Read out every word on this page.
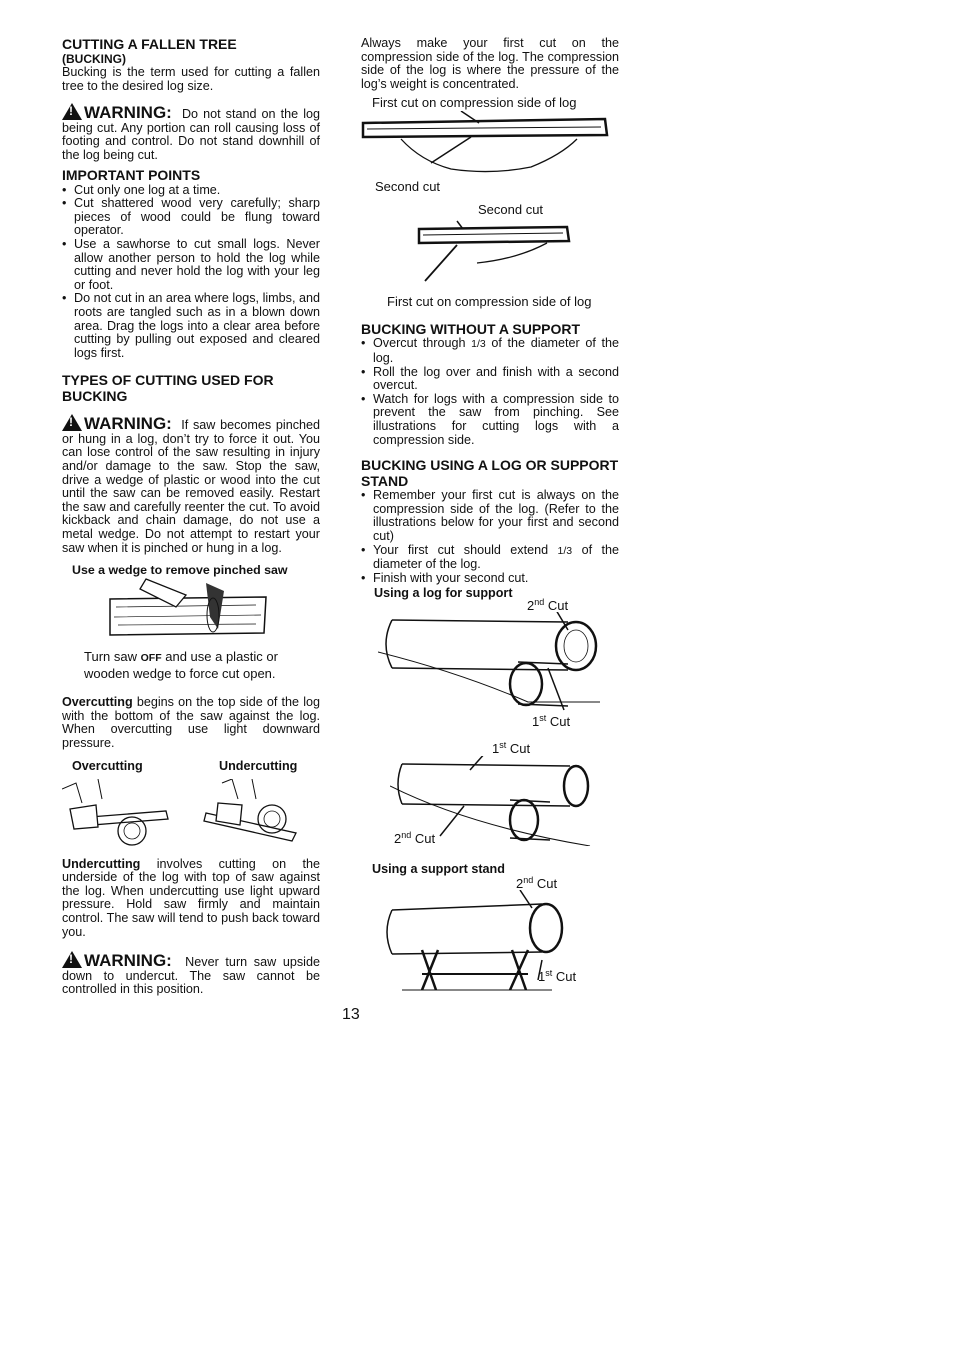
CUTTING A FALLEN TREE
(BUCKING)

Bucking is the term used for cutting a fallen tree to the desired log size.

!WARNING: Do not stand on the log being cut. Any portion can roll causing loss of footing and control. Do not stand downhill of the log being cut.

IMPORTANT POINTS
• Cut only one log at a time.
• Cut shattered wood very carefully; sharp pieces of wood could be flung toward operator.
• Use a sawhorse to cut small logs. Never allow another person to hold the log while cutting and never hold the log with your leg or foot.
• Do not cut in an area where logs, limbs, and roots are tangled such as in a blown down area. Drag the logs into a clear area before cutting by pulling out exposed and cleared logs first.
TYPES OF CUTTING USED FOR BUCKING

!WARNING: If saw becomes pinched or hung in a log, don’t try to force it out. You can lose control of the saw resulting in injury and/or damage to the saw. Stop the saw, drive a wedge of plastic or wood into the cut until the saw can be removed easily. Restart the saw and carefully reenter the cut. To avoid kickback and chain damage, do not use a metal wedge. Do not attempt to restart your saw when it is pinched or hung in a log.

Use a wedge to remove pinched saw

Turn saw OFF and use a plastic or wooden wedge to force cut open.

Overcutting begins on the top side of the log with the bottom of the saw against the log. When overcutting use light downward pressure.

Overcutting	Undercutting

Undercutting involves cutting on the underside of the log with top of saw against the log. When undercutting use light upward pressure. Hold saw firmly and maintain control. The saw will tend to push back toward you.

!WARNING: Never turn saw upside down to undercut. The saw cannot be controlled in this position.

Always make your first cut on the compression side of the log. The compression side of the log is where the pressure of the log’s weight is concentrated.

First cut on compression side of log
Second cut
Second cut
First cut on compression side of log
BUCKING WITHOUT A SUPPORT
• Overcut through 1/3 of the diameter of the log.
• Roll the log over and finish with a second overcut.
• Watch for logs with a compression side to prevent the saw from pinching. See illustrations for cutting logs with a compression side.
BUCKING USING A LOG OR SUPPORT STAND
• Remember your first cut is always on the compression side of the log. (Refer to the illustrations below for your first and second cut)
• Your first cut should extend 1/3 of the diameter of the log.
• Finish with your second cut.
Using a log for support
2nd Cut
1st Cut
1st Cut
2nd Cut
Using a support stand
2nd Cut
1st Cut
13
